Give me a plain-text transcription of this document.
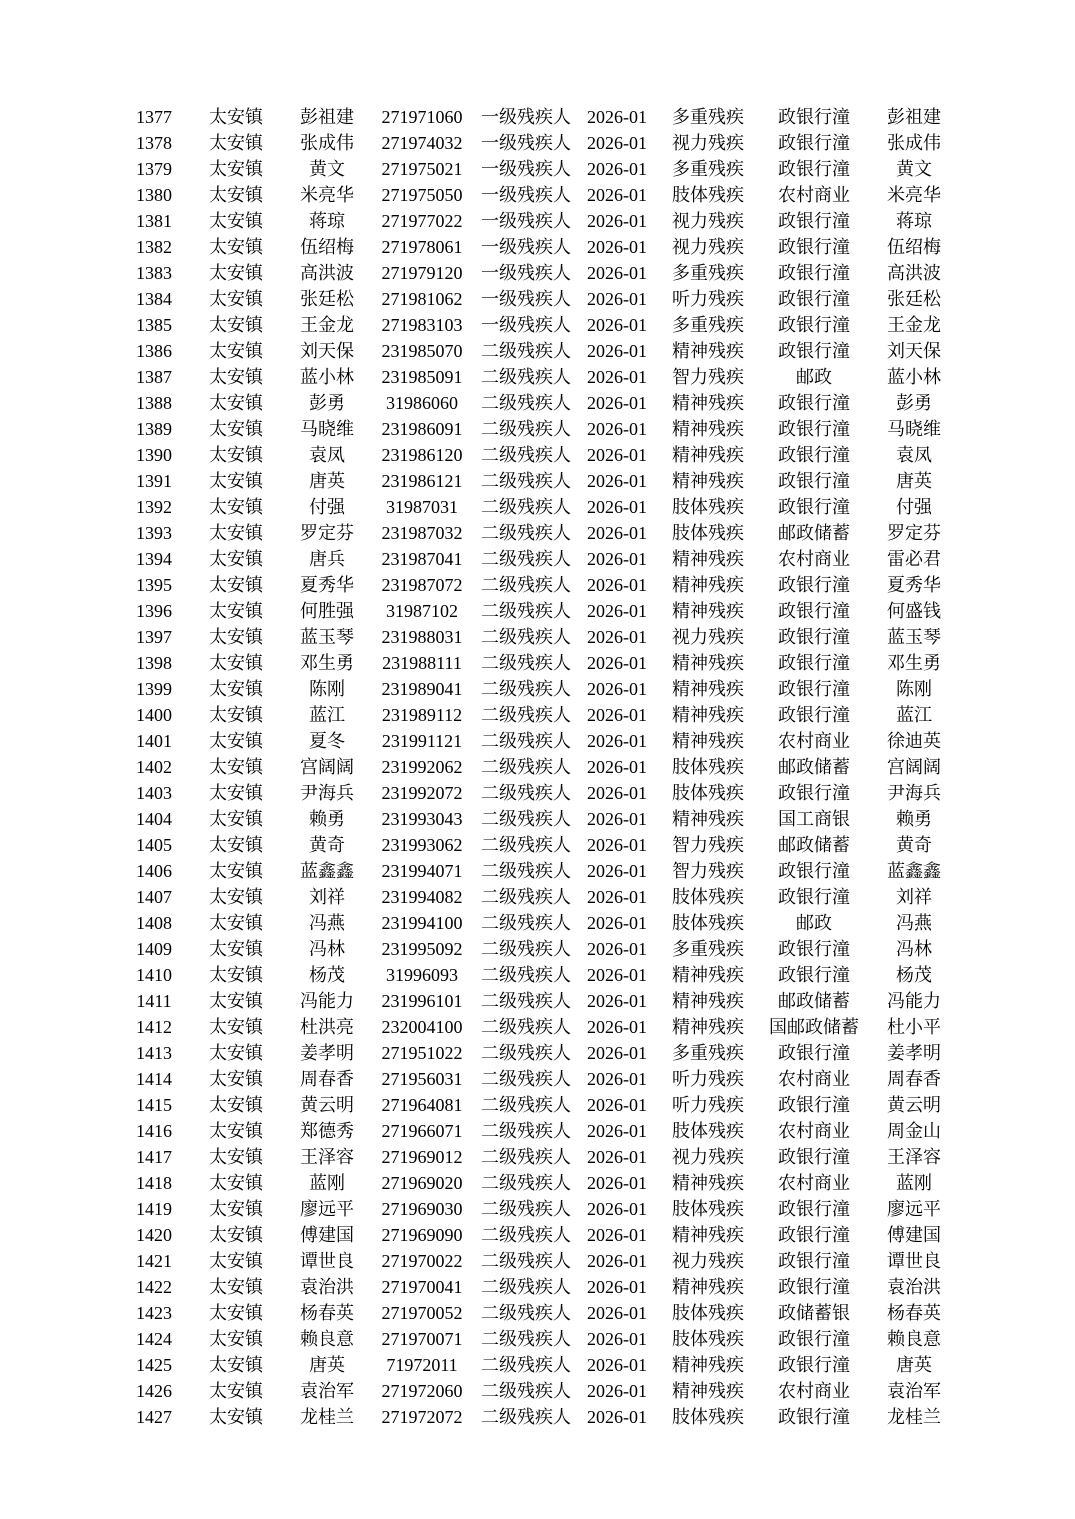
1377	太安镇	彭祖建	271971060	一级残疾人	2026-01	多重残疾	政银行潼	彭祖建
1378	太安镇	张成伟	271974032	一级残疾人	2026-01	视力残疾	政银行潼	张成伟
1379	太安镇	黄文	271975021	一级残疾人	2026-01	多重残疾	政银行潼	黄文
1380	太安镇	米亮华	271975050	一级残疾人	2026-01	肢体残疾	农村商业	米亮华
1381	太安镇	蒋琼	271977022	一级残疾人	2026-01	视力残疾	政银行潼	蒋琼
1382	太安镇	伍绍梅	271978061	一级残疾人	2026-01	视力残疾	政银行潼	伍绍梅
1383	太安镇	高洪波	271979120	一级残疾人	2026-01	多重残疾	政银行潼	高洪波
1384	太安镇	张廷松	271981062	一级残疾人	2026-01	听力残疾	政银行潼	张廷松
1385	太安镇	王金龙	271983103	一级残疾人	2026-01	多重残疾	政银行潼	王金龙
1386	太安镇	刘天保	231985070	二级残疾人	2026-01	精神残疾	政银行潼	刘天保
1387	太安镇	蓝小林	231985091	二级残疾人	2026-01	智力残疾	邮政	蓝小林
1388	太安镇	彭勇	31986060	二级残疾人	2026-01	精神残疾	政银行潼	彭勇
1389	太安镇	马晓维	231986091	二级残疾人	2026-01	精神残疾	政银行潼	马晓维
1390	太安镇	袁凤	231986120	二级残疾人	2026-01	精神残疾	政银行潼	袁凤
1391	太安镇	唐英	231986121	二级残疾人	2026-01	精神残疾	政银行潼	唐英
1392	太安镇	付强	31987031	二级残疾人	2026-01	肢体残疾	政银行潼	付强
1393	太安镇	罗定芬	231987032	二级残疾人	2026-01	肢体残疾	邮政储蓄	罗定芬
1394	太安镇	唐兵	231987041	二级残疾人	2026-01	精神残疾	农村商业	雷必君
1395	太安镇	夏秀华	231987072	二级残疾人	2026-01	精神残疾	政银行潼	夏秀华
1396	太安镇	何胜强	31987102	二级残疾人	2026-01	精神残疾	政银行潼	何盛钱
1397	太安镇	蓝玉琴	231988031	二级残疾人	2026-01	视力残疾	政银行潼	蓝玉琴
1398	太安镇	邓生勇	231988111	二级残疾人	2026-01	精神残疾	政银行潼	邓生勇
1399	太安镇	陈刚	231989041	二级残疾人	2026-01	精神残疾	政银行潼	陈刚
1400	太安镇	蓝江	231989112	二级残疾人	2026-01	精神残疾	政银行潼	蓝江
1401	太安镇	夏冬	231991121	二级残疾人	2026-01	精神残疾	农村商业	徐迪英
1402	太安镇	宫阔阔	231992062	二级残疾人	2026-01	肢体残疾	邮政储蓄	宫阔阔
1403	太安镇	尹海兵	231992072	二级残疾人	2026-01	肢体残疾	政银行潼	尹海兵
1404	太安镇	赖勇	231993043	二级残疾人	2026-01	精神残疾	国工商银	赖勇
1405	太安镇	黄奇	231993062	二级残疾人	2026-01	智力残疾	邮政储蓄	黄奇
1406	太安镇	蓝鑫鑫	231994071	二级残疾人	2026-01	智力残疾	政银行潼	蓝鑫鑫
1407	太安镇	刘祥	231994082	二级残疾人	2026-01	肢体残疾	政银行潼	刘祥
1408	太安镇	冯燕	231994100	二级残疾人	2026-01	肢体残疾	邮政	冯燕
1409	太安镇	冯林	231995092	二级残疾人	2026-01	多重残疾	政银行潼	冯林
1410	太安镇	杨茂	31996093	二级残疾人	2026-01	精神残疾	政银行潼	杨茂
1411	太安镇	冯能力	231996101	二级残疾人	2026-01	精神残疾	邮政储蓄	冯能力
1412	太安镇	杜洪亮	232004100	二级残疾人	2026-01	精神残疾	国邮政储蓄	杜小平
1413	太安镇	姜孝明	271951022	二级残疾人	2026-01	多重残疾	政银行潼	姜孝明
1414	太安镇	周春香	271956031	二级残疾人	2026-01	听力残疾	农村商业	周春香
1415	太安镇	黄云明	271964081	二级残疾人	2026-01	听力残疾	政银行潼	黄云明
1416	太安镇	郑德秀	271966071	二级残疾人	2026-01	肢体残疾	农村商业	周金山
1417	太安镇	王泽容	271969012	二级残疾人	2026-01	视力残疾	政银行潼	王泽容
1418	太安镇	蓝刚	271969020	二级残疾人	2026-01	精神残疾	农村商业	蓝刚
1419	太安镇	廖远平	271969030	二级残疾人	2026-01	肢体残疾	政银行潼	廖远平
1420	太安镇	傅建国	271969090	二级残疾人	2026-01	精神残疾	政银行潼	傅建国
1421	太安镇	谭世良	271970022	二级残疾人	2026-01	视力残疾	政银行潼	谭世良
1422	太安镇	袁治洪	271970041	二级残疾人	2026-01	精神残疾	政银行潼	袁治洪
1423	太安镇	杨春英	271970052	二级残疾人	2026-01	肢体残疾	政储蓄银	杨春英
1424	太安镇	赖良意	271970071	二级残疾人	2026-01	肢体残疾	政银行潼	赖良意
1425	太安镇	唐英	71972011	二级残疾人	2026-01	精神残疾	政银行潼	唐英
1426	太安镇	袁治军	271972060	二级残疾人	2026-01	精神残疾	农村商业	袁治军
1427	太安镇	龙桂兰	271972072	二级残疾人	2026-01	肢体残疾	政银行潼	龙桂兰
